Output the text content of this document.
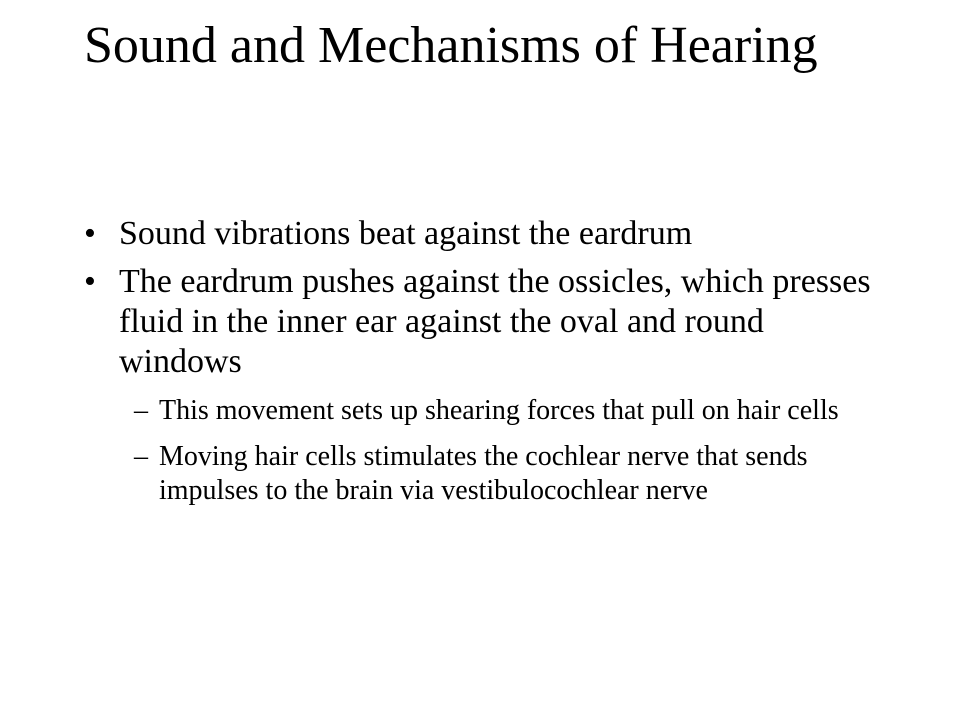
Sound and Mechanisms of Hearing
• Sound vibrations beat against the eardrum
• The eardrum pushes against the ossicles, which presses fluid in the inner ear against the oval and round windows
– This movement sets up shearing forces that pull on hair cells
– Moving hair cells stimulates the cochlear nerve that sends impulses to the brain via vestibulocochlear nerve
